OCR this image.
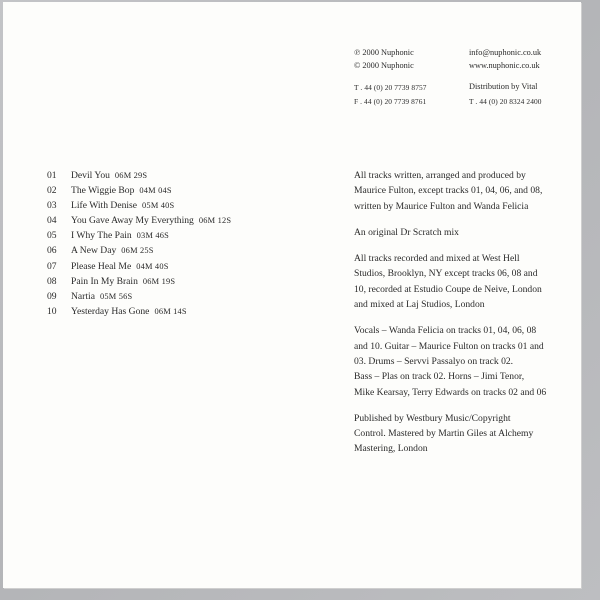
℗ 2000 Nuphonic
© 2000 Nuphonic
T . 44 (0) 20 7739 8757
F . 44 (0) 20 7739 8761
info@nuphonic.co.uk
www.nuphonic.co.uk
Distribution by Vital
T . 44 (0) 20 8324 2400
01	Devil You 06M 29S
02	The Wiggie Bop 04M 04S
03	Life With Denise 05M 40S
04	You Gave Away My Everything 06M 12S
05	I Why The Pain 03M 46S
06	A New Day 06M 25S
07	Please Heal Me 04M 40S
08	Pain In My Brain 06M 19S
09	Nartia 05M 56S
10	Yesterday Has Gone 06M 14S

All tracks written, arranged and produced by
Maurice Fulton, except tracks 01, 04, 06, and 08,
written by Maurice Fulton and Wanda Felicia

An original Dr Scratch mix

All tracks recorded and mixed at West Hell
Studios, Brooklyn, NY except tracks 06, 08 and
10, recorded at Estudio Coupe de Neive, London
and mixed at Laj Studios, London

Vocals – Wanda Felicia on tracks 01, 04, 06, 08
and 10. Guitar – Maurice Fulton on tracks 01 and
03. Drums – Servvi Passalyo on track 02.
Bass – Plas on track 02. Horns – Jimi Tenor,
Mike Kearsay, Terry Edwards on tracks 02 and 06

Published by Westbury Music/Copyright
Control. Mastered by Martin Giles at Alchemy
Mastering, London
